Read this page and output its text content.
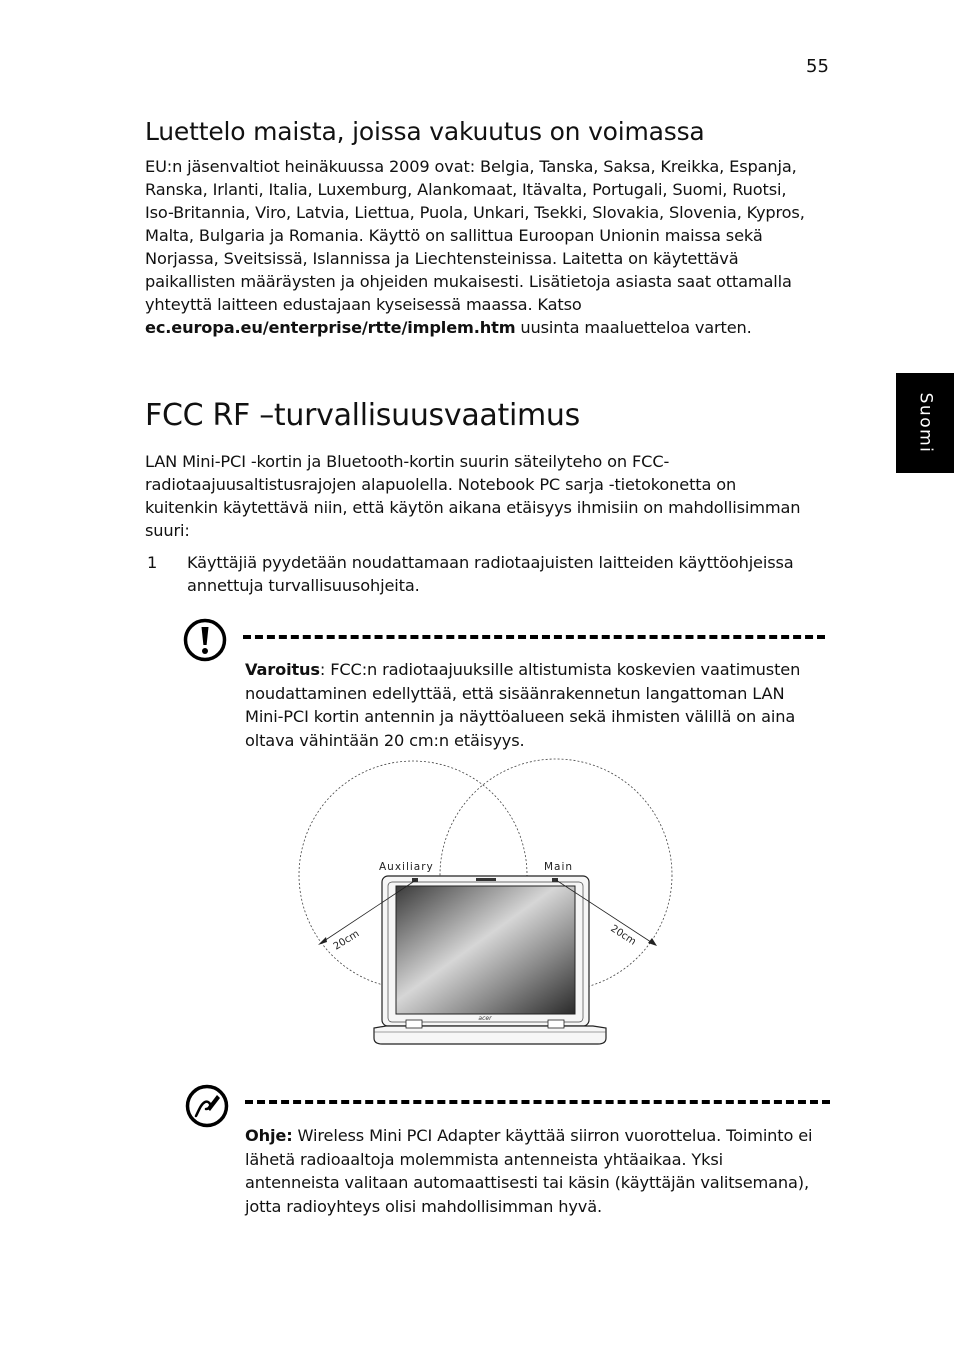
55
Suomi
Luettelo maista, joissa vakuutus on voimassa
EU:n jäsenvaltiot heinäkuussa 2009 ovat: Belgia, Tanska, Saksa, Kreikka, Espanja, Ranska, Irlanti, Italia, Luxemburg, Alankomaat, Itävalta, Portugali, Suomi, Ruotsi, Iso-Britannia, Viro, Latvia, Liettua, Puola, Unkari, Tsekki, Slovakia, Slovenia, Kypros, Malta, Bulgaria ja Romania. Käyttö on sallittua Euroopan Unionin maissa sekä Norjassa, Sveitsissä, Islannissa ja Liechtensteinissa. Laitetta on käytettävä paikallisten määräysten ja ohjeiden mukaisesti. Lisätietoja asiasta saat ottamalla yhteyttä laitteen edustajaan kyseisessä maassa. Katso ec.europa.eu/enterprise/rtte/implem.htm uusinta maaluetteloa varten.
FCC RF –turvallisuusvaatimus
LAN Mini-PCI -kortin ja Bluetooth-kortin suurin säteilyteho on FCC-radiotaajuusaltistusrajojen alapuolella. Notebook PC sarja -tietokonetta on kuitenkin käytettävä niin, että käytön aikana etäisyys ihmisiin on mahdollisimman suuri:
1 Käyttäjiä pyydetään noudattamaan radiotaajuisten laitteiden käyttöohjeissa annettuja turvallisuusohjeita.
Varoitus: FCC:n radiotaajuuksille altistumista koskevien vaatimusten noudattaminen edellyttää, että sisäänrakennetun langattoman LAN Mini-PCI kortin antennin ja näyttöalueen sekä ihmisten välillä on aina oltava vähintään 20 cm:n etäisyys.
acer
Auxiliary	Main
20cm	20cm
Ohje: Wireless Mini PCI Adapter käyttää siirron vuorottelua. Toiminto ei lähetä radioaaltoja molemmista antenneista yhtäaikaa. Yksi antenneista valitaan automaattisesti tai käsin (käyttäjän valitsemana), jotta radioyhteys olisi mahdollisimman hyvä.
